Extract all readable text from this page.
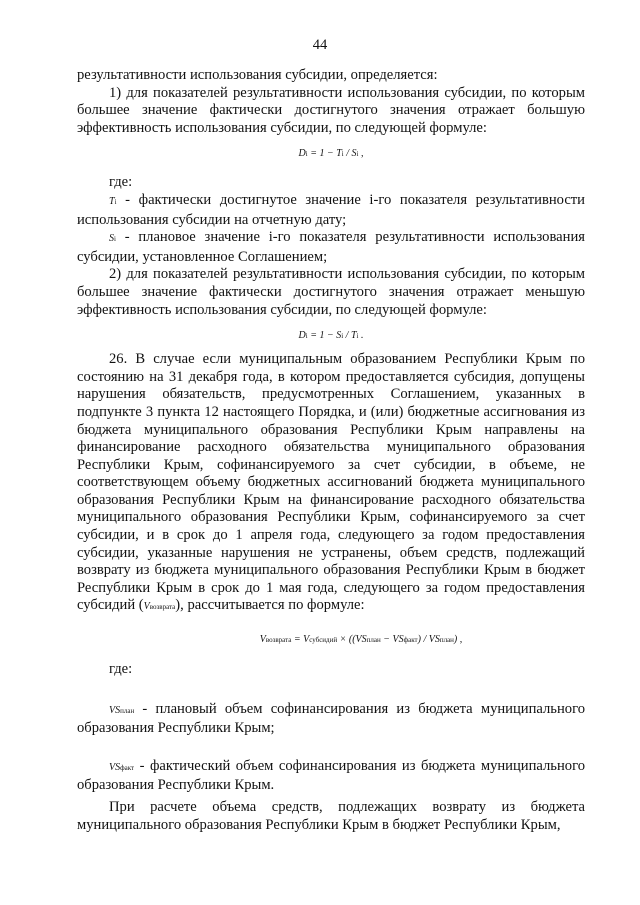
44

результативности использования субсидии, определяется:

1) для показателей результативности использования субсидии, по которым большее значение фактически достигнутого значения отражает большую эффективность использования субсидии, по следующей формуле:

Di = 1 − Ti / Si ,

где:

Ti - фактически достигнутое значение i-го показателя результативности использования субсидии на отчетную дату;

Si - плановое значение i-го показателя результативности использования субсидии, установленное Соглашением;

2) для показателей результативности использования субсидии, по которым большее значение фактически достигнутого значения отражает меньшую эффективность использования субсидии, по следующей формуле:

Di = 1 − Si / Ti .

26. В случае если муниципальным образованием Республики Крым по состоянию на 31 декабря года, в котором предоставляется субсидия, допущены нарушения обязательств, предусмотренных Соглашением, указанных в подпункте 3 пункта 12 настоящего Порядка, и (или) бюджетные ассигнования из бюджета муниципального образования Республики Крым направлены на финансирование расходного обязательства муниципального образования Республики Крым, софинансируемого за счет субсидии, в объеме, не соответствующем объему бюджетных ассигнований бюджета муниципального образования Республики Крым на финансирование расходного обязательства муниципального образования Республики Крым, софинансируемого за счет субсидии, и в срок до 1 апреля года, следующего за годом предоставления субсидии, указанные нарушения не устранены, объем средств, подлежащий возврату из бюджета муниципального образования Республики Крым в бюджет Республики Крым в срок до 1 мая года, следующего за годом предоставления субсидий (Vвозврата), рассчитывается по формуле:

Vвозврата = Vсубсидий × ((VSплан − VSфакт) / VSплан) ,

где:

VSплан - плановый объем софинансирования из бюджета муниципального образования Республики Крым;

VSфакт - фактический объем софинансирования из бюджета муниципального образования Республики Крым.

При расчете объема средств, подлежащих возврату из бюджета муниципального образования Республики Крым в бюджет Республики Крым,
